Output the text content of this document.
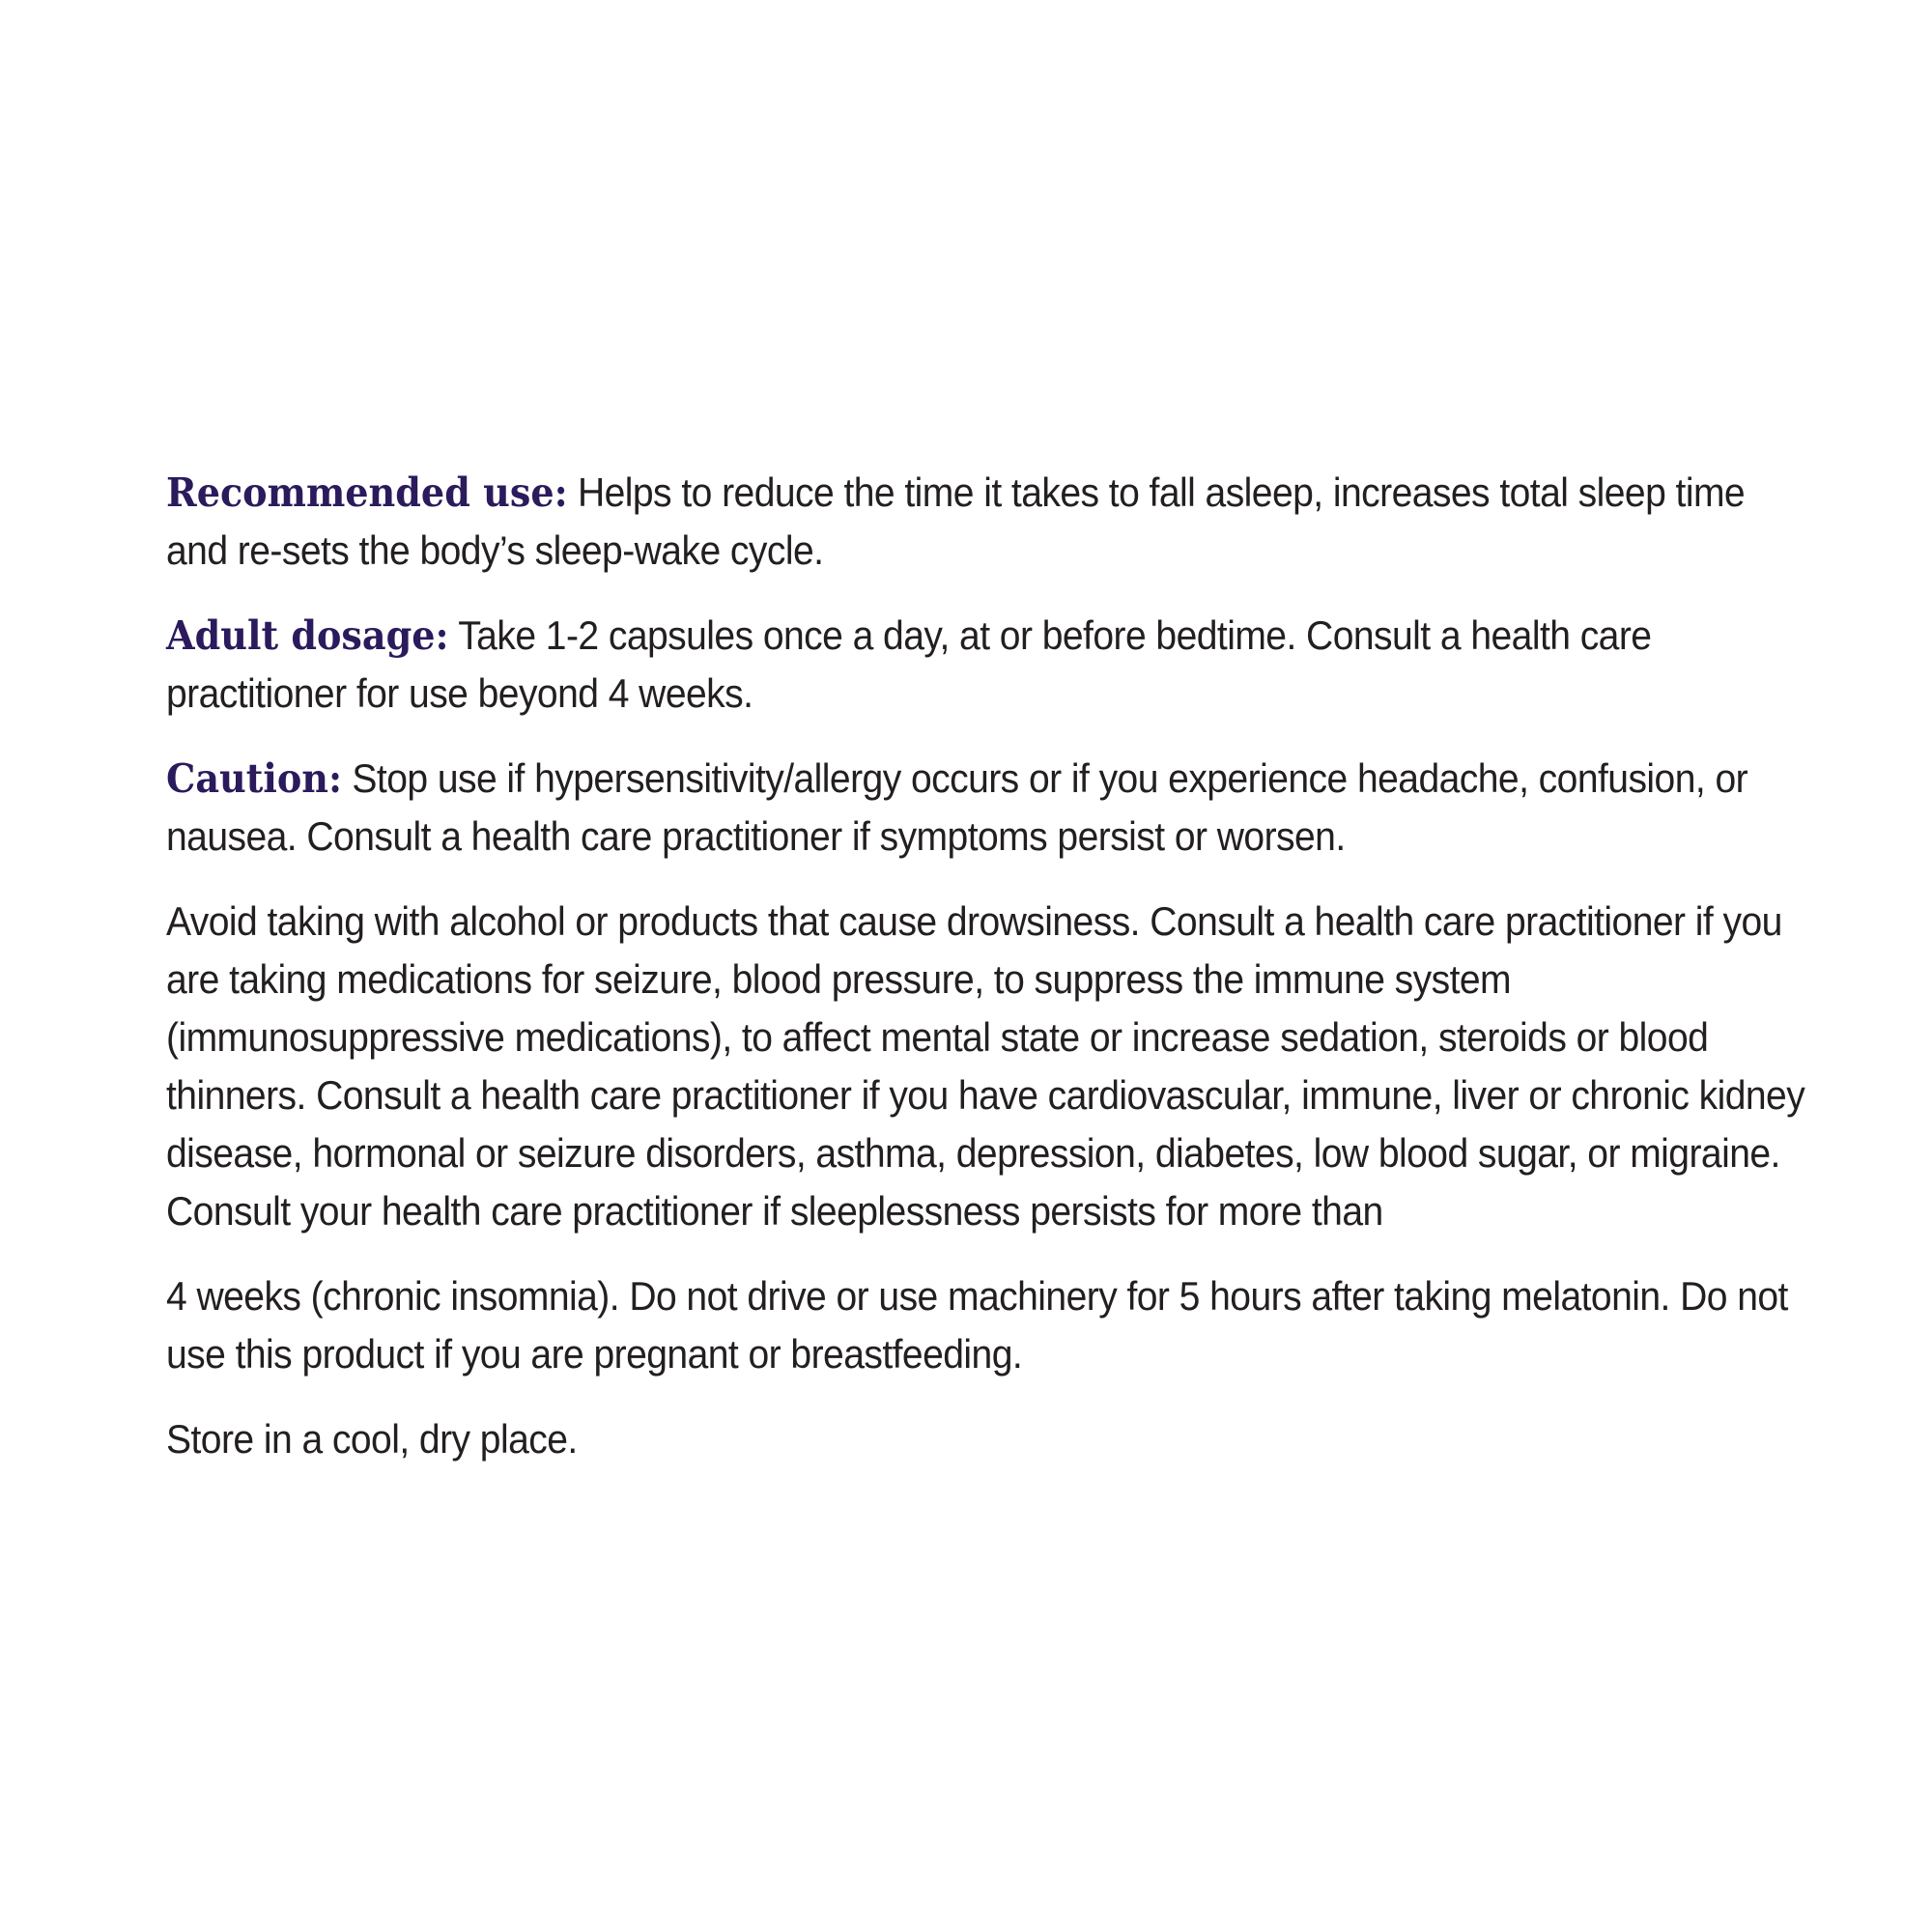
Recommended use: Helps to reduce the time it takes to fall asleep, increases total sleep time and re-sets the body’s sleep-wake cycle.

Adult dosage: Take 1-2 capsules once a day, at or before bedtime. Consult a health care practitioner for use beyond 4 weeks.

Caution: Stop use if hypersensitivity/allergy occurs or if you experience headache, confusion, or nausea. Consult a health care practitioner if symptoms persist or worsen.

Avoid taking with alcohol or products that cause drowsiness. Consult a health care practitioner if you are taking medications for seizure, blood pressure, to suppress the immune system (immunosuppressive medications), to affect mental state or increase sedation, steroids or blood thinners. Consult a health care practitioner if you have cardiovascular, immune, liver or chronic kidney disease, hormonal or seizure disorders, asthma, depression, diabetes, low blood sugar, or migraine. Consult your health care practitioner if sleeplessness persists for more than

4 weeks (chronic insomnia). Do not drive or use machinery for 5 hours after taking melatonin. Do not use this product if you are pregnant or breastfeeding.

Store in a cool, dry place.
